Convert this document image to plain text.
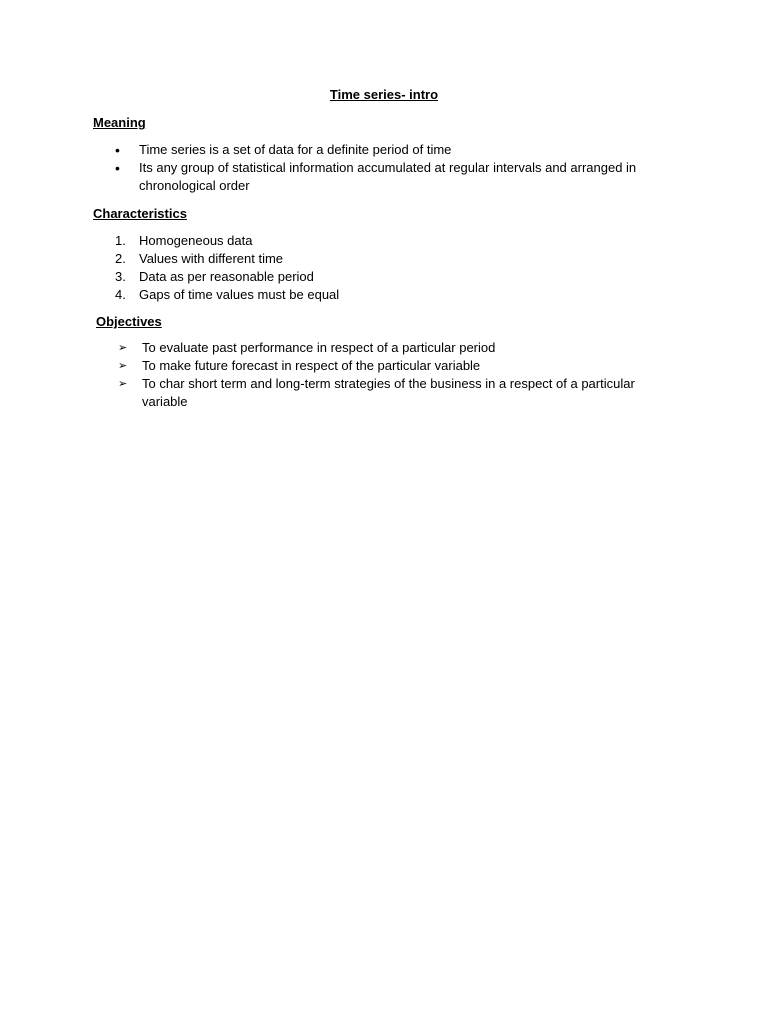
Time series- intro
Meaning
• Time series is a set of data for a definite period of time
• Its any group of statistical information accumulated at regular intervals and arranged in chronological order
Characteristics
1.	Homogeneous data
2.	Values with different time
3.	Data as per reasonable period
4.	Gaps of time values must be equal
Objectives
➢ To evaluate past performance in respect of a particular period
➢ To make future forecast in respect of the particular variable
➢ To char short term and long-term strategies of the business in a respect of a particular variable
